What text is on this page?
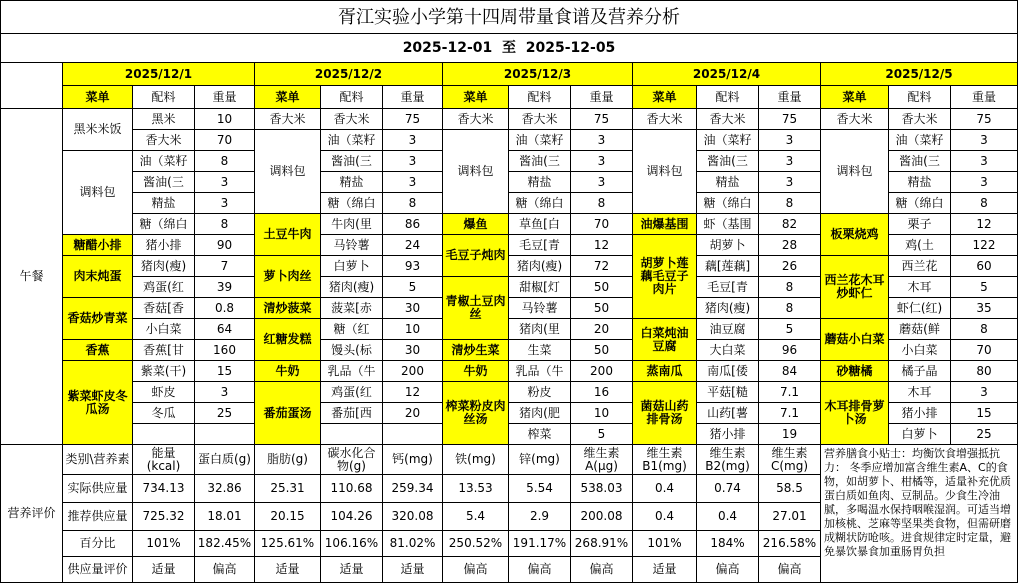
胥江实验小学第十四周带量食谱及营养分析															
2025-12-01 至 2025-12-05															
	2025/12/1			2025/12/2			2025/12/3			2025/12/4			2025/12/5		
	菜单	配料	重量	菜单	配料	重量	菜单	配料	重量	菜单	配料	重量	菜单	配料	重量
午餐	黑米米饭	黑米	10	香大米	香大米	75	香大米	香大米	75	香大米	香大米	75	香大米	香大米	75
		香大米	70	调料包	油（菜籽	3	调料包	油（菜籽	3	调料包	油（菜籽	3	调料包	油（菜籽	3
	调料包	油（菜籽	8		酱油(三	3		酱油(三	3		酱油(三	3		酱油(三	3
		酱油(三	3		精盐	3		精盐	3		精盐	3		精盐	3
		精盐	3		糖（绵白	8		糖（绵白	8		糖（绵白	8		糖（绵白	8
		糖（绵白	8	土豆牛肉	牛肉(里	86	爆鱼	草鱼[白	70	油爆基围	虾（基围	82	板栗烧鸡	栗子	12
	糖醋小排	猪小排	90		马铃薯	24	毛豆子炖肉	毛豆[青	12	胡萝卜莲藕毛豆子肉片	胡萝卜	28		鸡(土	122
	肉末炖蛋	猪肉(瘦)	7	萝卜肉丝	白萝卜	93		猪肉(瘦)	72		藕[莲藕]	26	西兰花木耳炒虾仁	西兰花	60
		鸡蛋(红	39		猪肉(瘦)	5	青椒土豆肉丝	甜椒[灯	50		毛豆[青	8		木耳	5
	香菇炒青菜	香菇[香	0.8	清炒菠菜	菠菜[赤	30		马铃薯	50		猪肉(瘦)	8		虾仁(红)	35
		小白菜	64	红糖发糕	糖（红	10		猪肉(里	20	白菜炖油豆腐	油豆腐	5	蘑菇小白菜	蘑菇(鲜	8
	香蕉	香蕉[甘	160		馒头(标	30	清炒生菜	生菜	50		大白菜	96		小白菜	70
	紫菜虾皮冬瓜汤	紫菜(干)	15	牛奶	乳品（牛	200	牛奶	乳品（牛	200	蒸南瓜	南瓜[倭	84	砂糖橘	橘子晶	80
		虾皮	3	番茄蛋汤	鸡蛋(红	12	榨菜粉皮肉丝汤	粉皮	16	菌菇山药排骨汤	平菇[糙	7.1	木耳排骨萝卜汤	木耳	3
		冬瓜	25		番茄[西	20		猪肉(肥	10		山药[薯	7.1		猪小排	15
								榨菜	5		猪小排	19		白萝卜	25
营养评价	类别\营养素	能量(kcal)	蛋白质(g)	脂肪(g)	碳水化合物(g)	钙(mg)	铁(mg)	锌(mg)	维生素A(μg)	维生素B1(mg)	维生素B2(mg)	维生素C(mg)	营养膳食小贴士：均衡饮食增强抵抗力： 冬季应增加富含维生素A、C的食物，如胡萝卜、柑橘等，适量补充优质蛋白质如鱼肉、豆制品。少食生冷油腻，多喝温水保持咽喉湿润。可适当增加核桃、芝麻等坚果类食物，但需研磨成糊状防呛咳。进食规律定时定量，避免暴饮暴食加重肠胃负担		
	实际供应量	734.13	32.86	25.31	110.68	259.34	13.53	5.54	538.03	0.4	0.74	58.5			
	推荐供应量	725.32	18.01	20.15	104.26	320.08	5.4	2.9	200.08	0.4	0.4	27.01			
	百分比	101%	182.45%	125.61%	106.16%	81.02%	250.52%	191.17%	268.91%	101%	184%	216.58%			
	供应量评价	适量	偏高	适量	适量	适量	偏高	偏高	偏高	适量	偏高	偏高			
